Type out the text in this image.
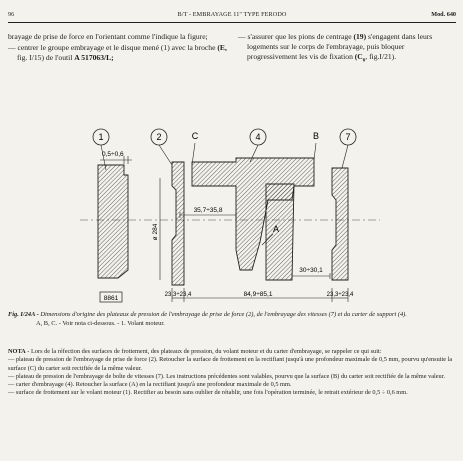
96	B/T - EMBRAYAGE 11" TYPE FERODO	Mod. 640

brayage de prise de force en l'orientant comme l'indique la figure;

— centrer le groupe embrayage et le disque mené (1) avec la broche (E, fig. I/15) de l'outil A 517063/L;

— s'assurer que les pions de centrage (19) s'engagent dans leurs logements sur le corps de l'embrayage, puis bloquer progressivement les vis de fixation ($C_6$, fig.I/21).

1	2	C	4	B	7
A
0,5÷0,6
35,7÷35,8
ø 284
30÷30,1
23,3÷23,4	84,9÷85,1	23,3÷23,4
8861

Fig. I/24A - Dimensions d'origine des plateaux de pression de l'embrayage de prise de force (2), de l'embrayage des vitesses (7) et du carter de support (4).

A, B, C. - Voir nota ci-dessous. - 1. Volant moteur.

NOTA - Lors de la réfection des surfaces de frottement, des plateaux de pression, du volant moteur et du carter d'embrayage, se rappeler ce qui suit:

— plateau de pression de l'embrayage de prise de force (2). Retoucher la surface de frottement en la rectifiant jusqu'à une profondeur maximale de 0,5 mm, pourvu qu'ensuite la surface (C) du carter soit rectifiée de la même valeur.

— plateau de pression de l'embrayage de boîte de vitesses (7). Les instructions précédentes sont valables, pourvu que la surface (B) du carter soit rectifiée de la même valeur.

— carter d'embrayage (4). Retoucher la surface (A) en la rectifiant jusqu'à une profondeur maximale de 0,5 mm.

— surface de frottement sur le volant moteur (1). Rectifier au besoin sans oublier de rétablir, une fois l'opération terminée, le retrait extérieur de 0,5 ÷ 0,6 mm.
